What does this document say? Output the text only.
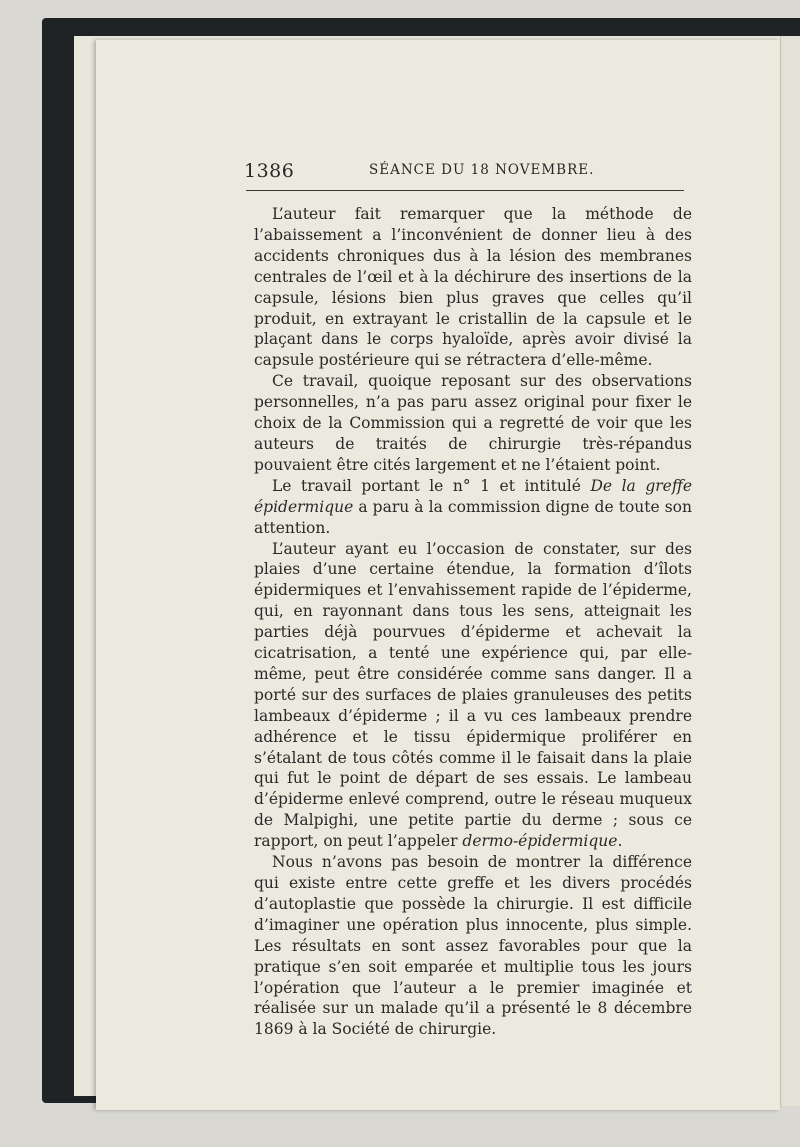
1386	SÉANCE DU 18 NOVEMBRE.

L’auteur fait remarquer que la méthode de l’abaissement a l’inconvénient de donner lieu à des accidents chroniques dus à la lésion des membranes centrales de l’œil et à la déchirure des insertions de la capsule, lésions bien plus graves que celles qu’il produit, en extrayant le cristallin de la capsule et le plaçant dans le corps hyaloïde, après avoir divisé la capsule postérieure qui se rétractera d’elle-même.

Ce travail, quoique reposant sur des observations personnelles, n’a pas paru assez original pour fixer le choix de la Commission qui a regretté de voir que les auteurs de traités de chirurgie très-répandus pouvaient être cités largement et ne l’étaient point.

Le travail portant le n° 1 et intitulé De la greffe épidermique a paru à la commission digne de toute son attention.

L’auteur ayant eu l’occasion de constater, sur des plaies d’une certaine étendue, la formation d’îlots épidermiques et l’envahissement rapide de l’épiderme, qui, en rayonnant dans tous les sens, atteignait les parties déjà pourvues d’épiderme et achevait la cicatrisation, a tenté une expérience qui, par elle-même, peut être considérée comme sans danger. Il a porté sur des surfaces de plaies granuleuses des petits lambeaux d’épiderme ; il a vu ces lambeaux prendre adhérence et le tissu épidermique proliférer en s’étalant de tous côtés comme il le faisait dans la plaie qui fut le point de départ de ses essais. Le lambeau d’épiderme enlevé comprend, outre le réseau muqueux de Malpighi, une petite partie du derme ; sous ce rapport, on peut l’appeler dermo-épidermique.

Nous n’avons pas besoin de montrer la différence qui existe entre cette greffe et les divers procédés d’autoplastie que possède la chirurgie. Il est difficile d’imaginer une opération plus innocente, plus simple. Les résultats en sont assez favorables pour que la pratique s’en soit emparée et multiplie tous les jours l’opération que l’auteur a le premier imaginée et réalisée sur un malade qu’il a présenté le 8 décembre 1869 à la Société de chirurgie.
